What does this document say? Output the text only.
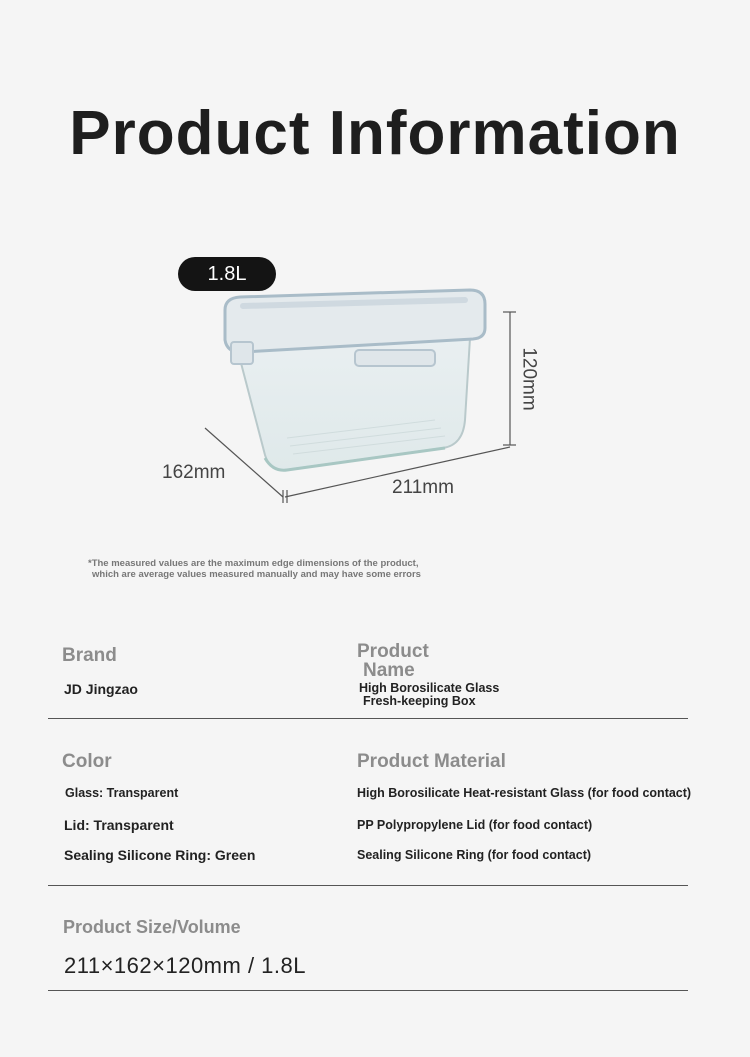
Product Information
1.8L
162mm
211mm
120mm
*The measured values are the maximum edge dimensions of the product,
which are average values measured manually and may have some errors
Brand
JD Jingzao
Product
Name
High Borosilicate Glass
Fresh-keeping Box
Color
Glass: Transparent
Lid: Transparent
Sealing Silicone Ring: Green
Product Material
High Borosilicate Heat-resistant Glass (for food contact)
PP Polypropylene Lid (for food contact)
Sealing Silicone Ring (for food contact)
Product Size/Volume
211×162×120mm / 1.8L
